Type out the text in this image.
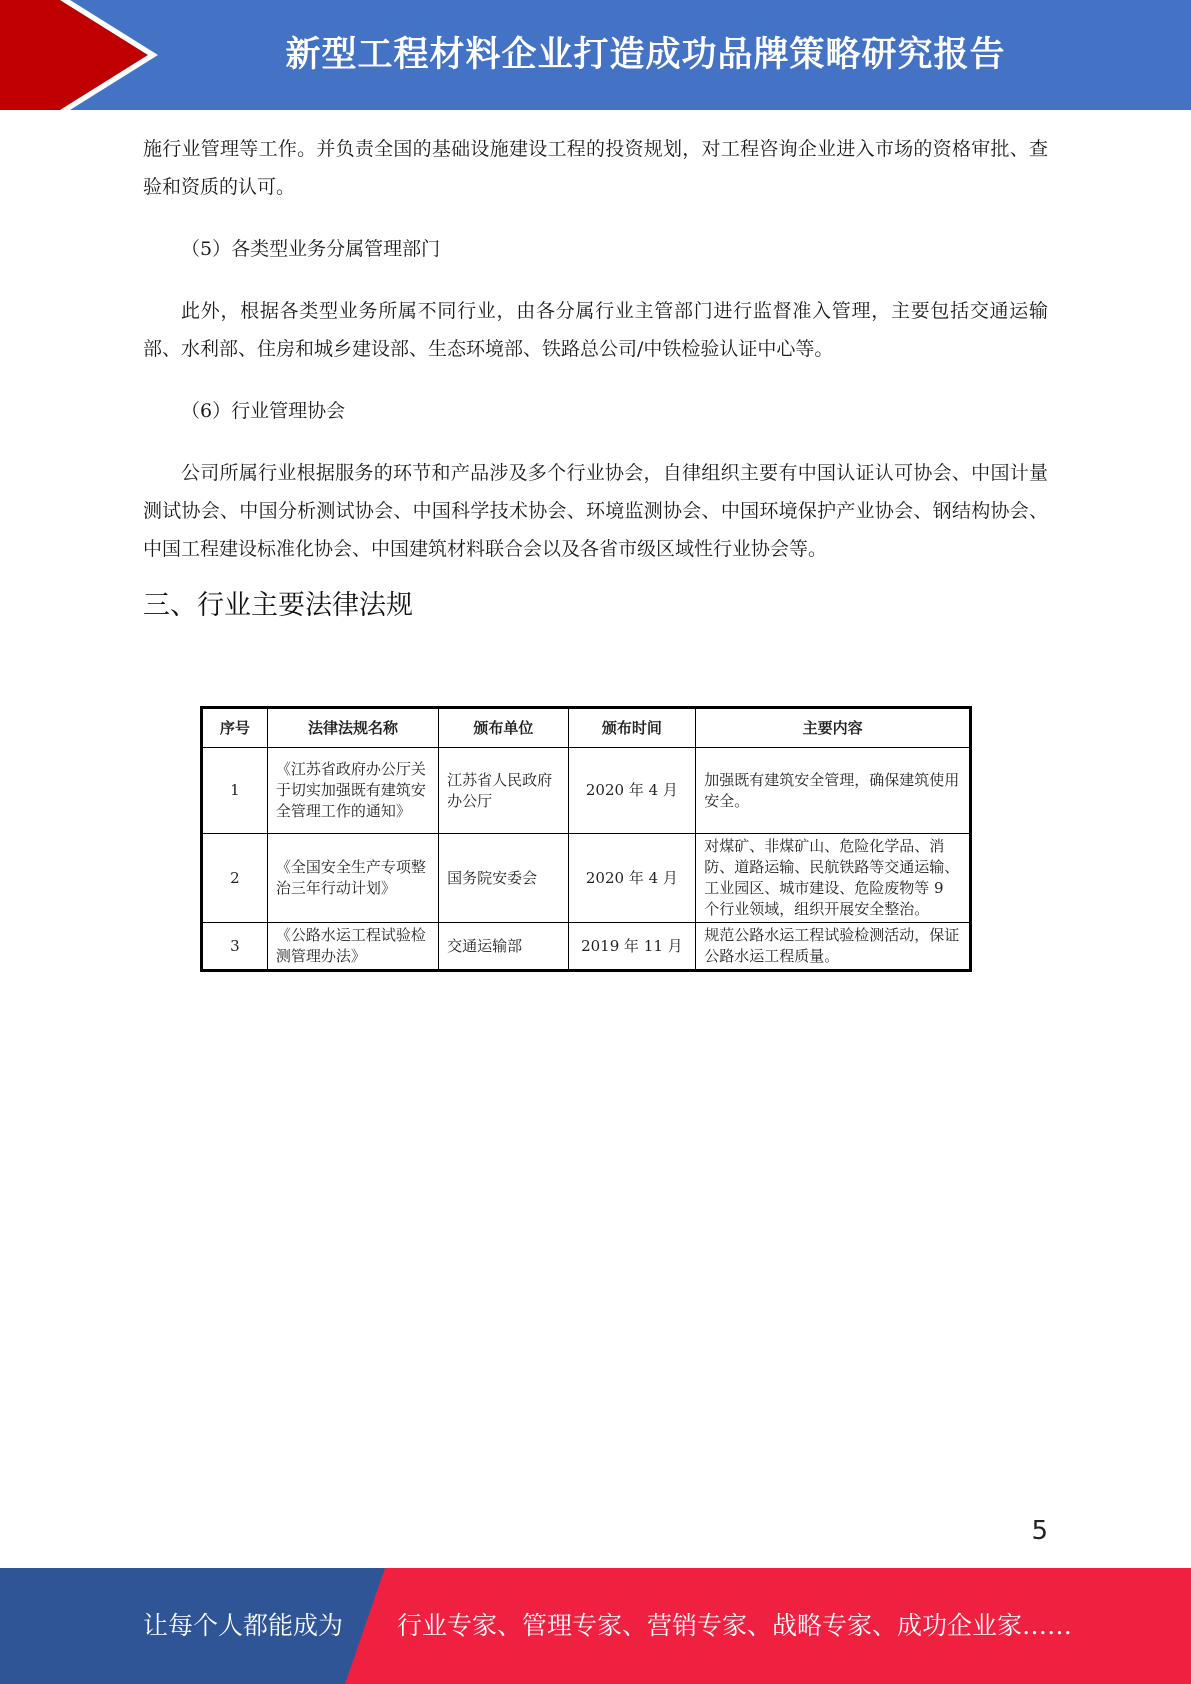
新型工程材料企业打造成功品牌策略研究报告

施行业管理等工作。并负责全国的基础设施建设工程的投资规划，对工程咨询企业进入市场的资格审批、查验和资质的认可。

（5）各类型业务分属管理部门

此外，根据各类型业务所属不同行业，由各分属行业主管部门进行监督准入管理，主要包括交通运输部、水利部、住房和城乡建设部、生态环境部、铁路总公司/中铁检验认证中心等。

（6）行业管理协会

公司所属行业根据服务的环节和产品涉及多个行业协会，自律组织主要有中国认证认可协会、中国计量测试协会、中国分析测试协会、中国科学技术协会、环境监测协会、中国环境保护产业协会、钢结构协会、中国工程建设标准化协会、中国建筑材料联合会以及各省市级区域性行业协会等。

三、行业主要法律法规
序号	法律法规名称	颁布单位	颁布时间	主要内容
1	《江苏省政府办公厅关于切实加强既有建筑安全管理工作的通知》	江苏省人民政府办公厅	2020 年 4 月	加强既有建筑安全管理，确保建筑使用安全。
2	《全国安全生产专项整治三年行动计划》	国务院安委会	2020 年 4 月	对煤矿、非煤矿山、危险化学品、消防、道路运输、民航铁路等交通运输、工业园区、城市建设、危险废物等 9 个行业领域，组织开展安全整治。
3	《公路水运工程试验检测管理办法》	交通运输部	2019 年 11 月	规范公路水运工程试验检测活动，保证公路水运工程质量。
5
让每个人都能成为 行业专家、管理专家、营销专家、战略专家、成功企业家……
